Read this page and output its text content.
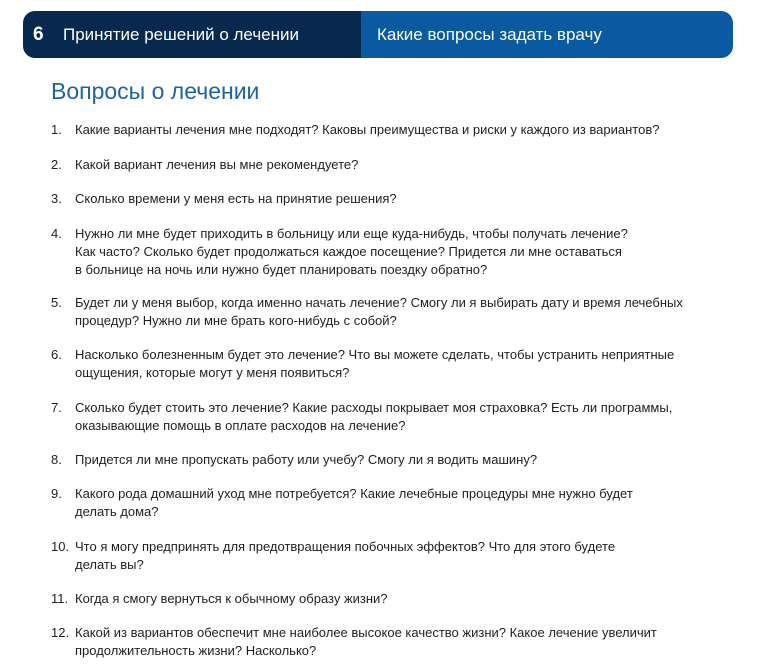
6	Принятие решений о лечении	Какие вопросы задать врачу
Вопросы о лечении
1. Какие варианты лечения мне подходят? Каковы преимущества и риски у каждого из вариантов?
2. Какой вариант лечения вы мне рекомендуете?
3. Сколько времени у меня есть на принятие решения?
4. Нужно ли мне будет приходить в больницу или еще куда-нибудь, чтобы получать лечение?
Как часто? Сколько будет продолжаться каждое посещение? Придется ли мне оставаться
в больнице на ночь или нужно будет планировать поездку обратно?
5. Будет ли у меня выбор, когда именно начать лечение? Смогу ли я выбирать дату и время лечебных
процедур? Нужно ли мне брать кого-нибудь с собой?
6. Насколько болезненным будет это лечение? Что вы можете сделать, чтобы устранить неприятные
ощущения, которые могут у меня появиться?
7. Сколько будет стоить это лечение? Какие расходы покрывает моя страховка? Есть ли программы,
оказывающие помощь в оплате расходов на лечение?
8. Придется ли мне пропускать работу или учебу? Смогу ли я водить машину?
9. Какого рода домашний уход мне потребуется? Какие лечебные процедуры мне нужно будет
делать дома?
10. Что я могу предпринять для предотвращения побочных эффектов? Что для этого будете
делать вы?
11. Когда я смогу вернуться к обычному образу жизни?
12. Какой из вариантов обеспечит мне наиболее высокое качество жизни? Какое лечение увеличит
продолжительность жизни? Насколько?
